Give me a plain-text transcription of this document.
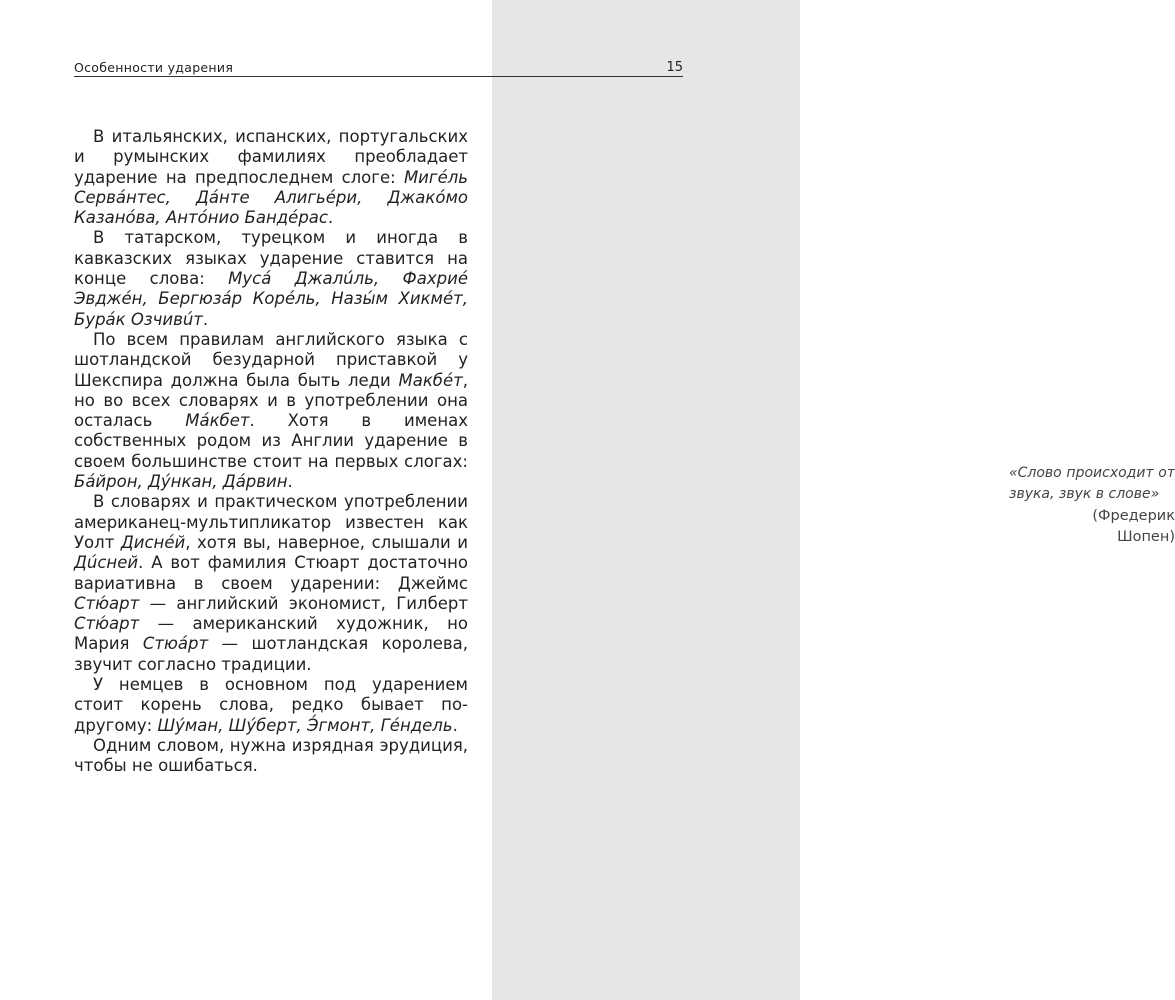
«Слово происходит от звука, звук в слове»
(Фредерик
Шопен)
Особенности ударения	15

В итальянских, испанских, португальских и румынских фамилиях преобладает ударение на предпоследнем слоге: Мигéль Сервáнтес, Дáнте Алигьéри, Джакóмо Казанóва, Антóнио Бандéрас.

В татарском, турецком и иногда в кавказских языках ударение ставится на конце слова: Мусá Джалúль, Фахриé Эвджéн, Бергюзáр Корéль, Назы́м Хикмéт, Бурáк Озчивúт.

По всем правилам английского языка с шотландской безударной приставкой у Шекспира должна была быть леди Макбéт, но во всех словарях и в употреблении она осталась Мáкбет. Хотя в именах собственных родом из Англии ударение в своем большинстве стоит на первых слогах: Бáйрон, Дýнкан, Дáрвин.

В словарях и практическом употреблении американец-мультипликатор известен как Уолт Диснéй, хотя вы, наверное, слышали и Дúсней. А вот фамилия Стюарт достаточно вариативна в своем ударении: Джеймс Стю́арт — английский экономист, Гилберт Стю́арт — американский художник, но Мария Стюáрт — шотландская королева, звучит согласно традиции.

У немцев в основном под ударением стоит корень слова, редко бывает по-другому: Шýман, Шýберт, Э́гмонт, Гéндель.

Одним словом, нужна изрядная эрудиция, чтобы не ошибаться.
